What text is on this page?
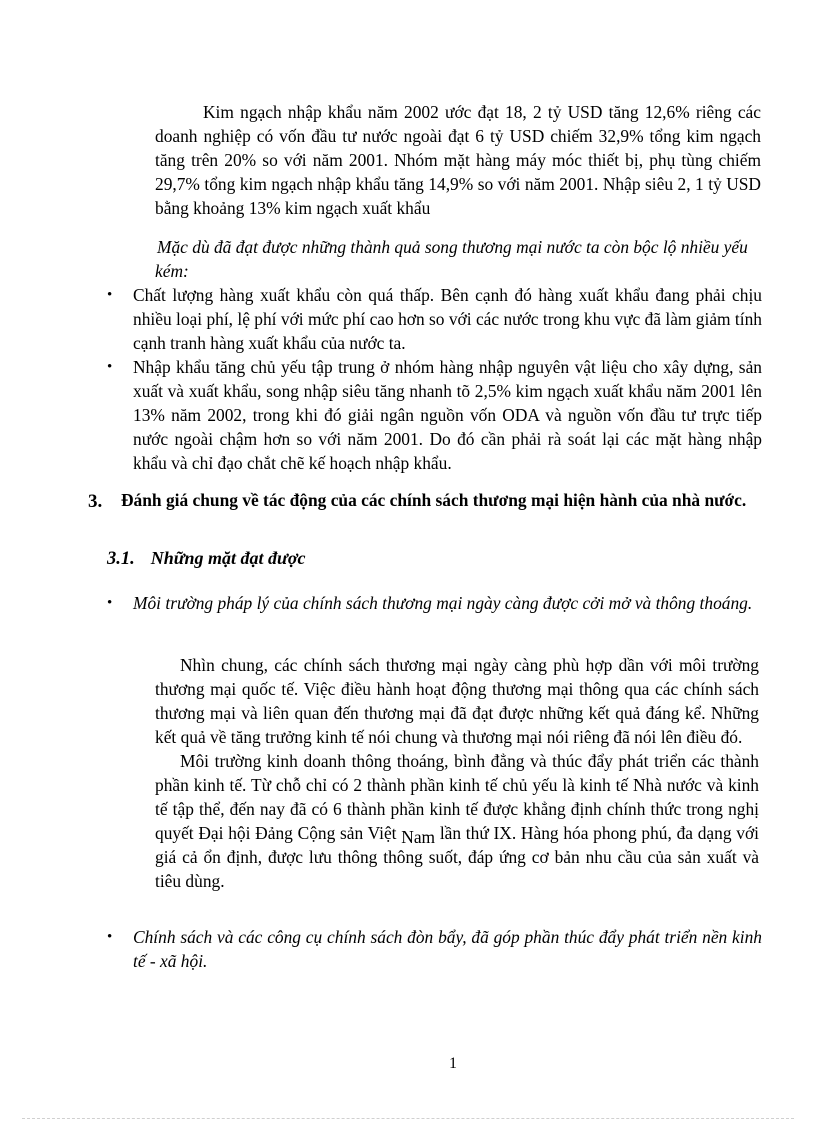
Kim ngạch nhập khẩu năm 2002 ước đạt 18, 2 tỷ USD tăng 12,6% riêng các doanh nghiệp có vốn đầu tư nước ngoài đạt 6 tỷ USD chiếm 32,9% tổng kim ngạch tăng trên 20% so với năm 2001. Nhóm mặt hàng máy móc thiết bị, phụ tùng chiếm 29,7% tổng kim ngạch nhập khẩu tăng 14,9% so với năm 2001. Nhập siêu 2, 1 tỷ USD bằng khoảng 13% kim ngạch xuất khẩu

Mặc dù đã đạt được những thành quả song thương mại nước ta còn bộc lộ nhiều yếu kém:

• Chất lượng hàng xuất khẩu còn quá thấp. Bên cạnh đó hàng xuất khẩu đang phải chịu nhiều loại phí, lệ phí với mức phí cao hơn so với các nước trong khu vực đã làm giảm tính cạnh tranh hàng xuất khẩu của nước ta.

• Nhập khẩu tăng chủ yếu tập trung ở nhóm hàng nhập nguyên vật liệu cho xây dựng, sản xuất và xuất khẩu, song nhập siêu tăng nhanh tõ 2,5% kim ngạch xuất khẩu năm 2001 lên 13% năm 2002, trong khi đó giải ngân nguồn vốn ODA và nguồn vốn đầu tư trực tiếp nước ngoài chậm hơn so với năm 2001. Do đó cần phải rà soát lại các mặt hàng nhập khẩu và chỉ đạo chắt chẽ kế hoạch nhập khẩu.

3. Đánh giá chung về tác động của các chính sách thương mại hiện hành của nhà nước.

3.1. Những mặt đạt được
• Môi trường pháp lý của chính sách thương mại ngày càng được cởi mở và thông thoáng.

Nhìn chung, các chính sách thương mại ngày càng phù hợp dần với môi trường thương mại quốc tế. Việc điều hành hoạt động thương mại thông qua các chính sách thương mại và liên quan đến thương mại đã đạt được những kết quả đáng kể. Những kết quả về tăng trưởng kinh tế nói chung và thương mại nói riêng đã nói lên điều đó.

Môi trường kinh doanh thông thoáng, bình đẳng và thúc đẩy phát triển các thành phần kinh tế. Từ chỗ chỉ có 2 thành phần kinh tế chủ yếu là kinh tế Nhà nước và kinh tế tập thể, đến nay đã có 6 thành phần kinh tế được khẳng định chính thức trong nghị quyết Đại hội Đảng Cộng sản Việt Nam lần thứ IX. Hàng hóa phong phú, đa dạng với giá cả ổn định, được lưu thông thông suốt, đáp ứng cơ bản nhu cầu của sản xuất và tiêu dùng.

• Chính sách và các công cụ chính sách đòn bẩy, đã góp phần thúc đẩy phát triển nền kinh tế - xã hội.

1
